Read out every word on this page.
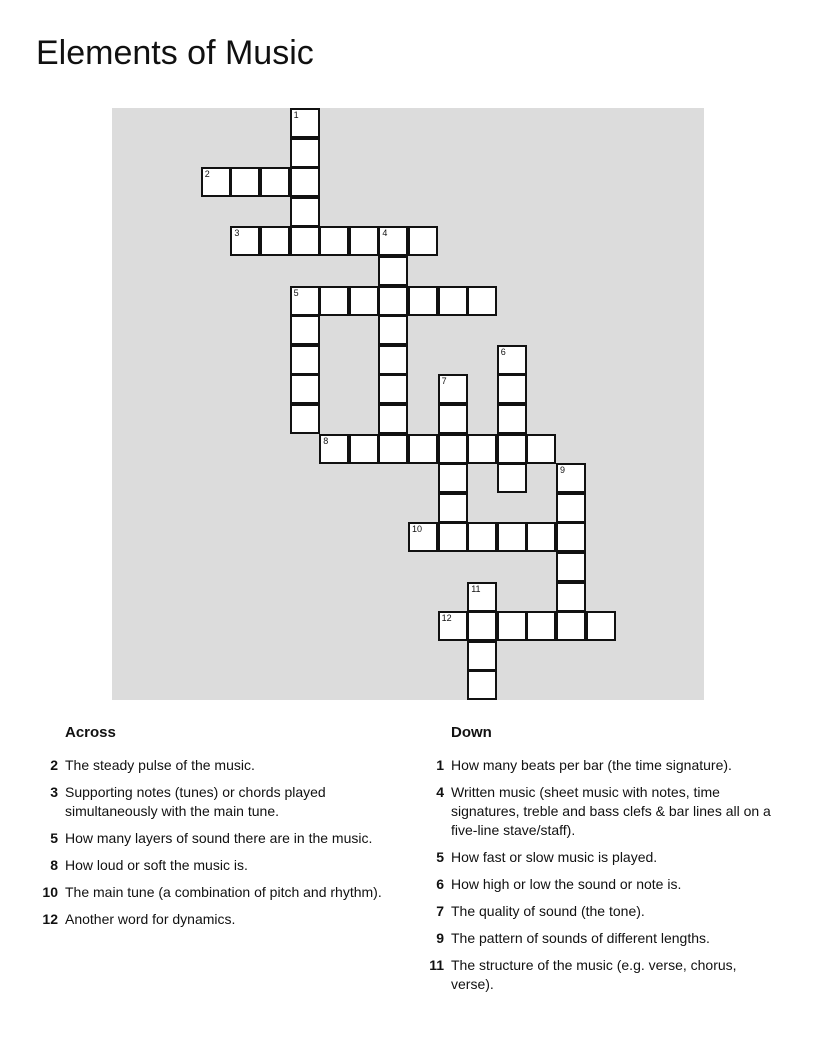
Elements of Music
1
2
3	4
5
6
7
8
9
10
11
12
Across
2 The steady pulse of the music.
3 Supporting notes (tunes) or chords played simultaneously with the main tune.
5 How many layers of sound there are in the music.
8 How loud or soft the music is.
10 The main tune (a combination of pitch and rhythm).
12 Another word for dynamics.
Down
1 How many beats per bar (the time signature).
4 Written music (sheet music with notes, time signatures, treble and bass clefs & bar lines all on a five-line stave/staff).
5 How fast or slow music is played.
6 How high or low the sound or note is.
7 The quality of sound (the tone).
9 The pattern of sounds of different lengths.
11 The structure of the music (e.g. verse, chorus, verse).
